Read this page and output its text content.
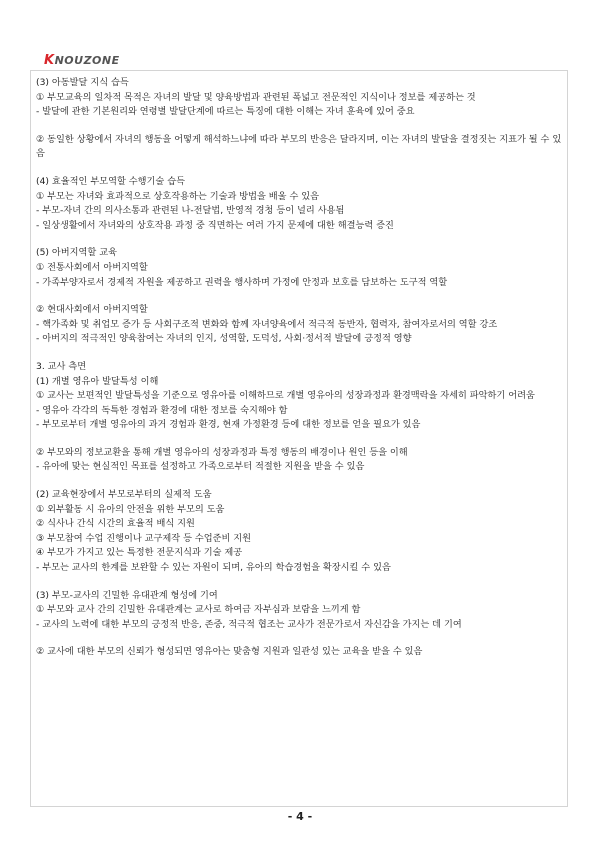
KNOUZONE

(3) 아동발달 지식 습득

① 부모교육의 일차적 목적은 자녀의 발달 및 양육방법과 관련된 폭넓고 전문적인 지식이나 정보를 제공하는 것

- 발달에 관한 기본원리와 연령별 발달단계에 따르는 특징에 대한 이해는 자녀 훈육에 있어 중요

② 동일한 상황에서 자녀의 행동을 어떻게 해석하느냐에 따라 부모의 반응은 달라지며, 이는 자녀의 발달을 결정짓는 지표가 될 수 있음

(4) 효율적인 부모역할 수행기술 습득

① 부모는 자녀와 효과적으로 상호작용하는 기술과 방법을 배울 수 있음

- 부모-자녀 간의 의사소통과 관련된 나-전달법, 반영적 경청 등이 널리 사용됨

- 일상생활에서 자녀와의 상호작용 과정 중 직면하는 여러 가지 문제에 대한 해결능력 증진

(5) 아버지역할 교육

① 전통사회에서 아버지역할

- 가족부양자로서 경제적 자원을 제공하고 권력을 행사하며 가정에 안정과 보호를 담보하는 도구적 역할

② 현대사회에서 아버지역할

- 핵가족화 및 취업모 증가 등 사회구조적 변화와 함께 자녀양육에서 적극적 동반자, 협력자, 참여자로서의 역할 강조

- 아버지의 적극적인 양육참여는 자녀의 인지, 성역할, 도덕성, 사회·정서적 발달에 긍정적 영향

3. 교사 측면

(1) 개별 영유아 발달특성 이해

① 교사는 보편적인 발달특성을 기준으로 영유아를 이해하므로 개별 영유아의 성장과정과 환경맥락을 자세히 파악하기 어려움

- 영유아 각각의 독특한 경험과 환경에 대한 정보를 숙지해야 함

- 부모로부터 개별 영유아의 과거 경험과 환경, 현재 가정환경 등에 대한 정보를 얻을 필요가 있음

② 부모와의 정보교환을 통해 개별 영유아의 성장과정과 특정 행동의 배경이나 원인 등을 이해

- 유아에 맞는 현실적인 목표를 설정하고 가족으로부터 적절한 지원을 받을 수 있음

(2) 교육현장에서 부모로부터의 실제적 도움

① 외부활동 시 유아의 안전을 위한 부모의 도움

② 식사나 간식 시간의 효율적 배식 지원

③ 부모참여 수업 진행이나 교구제작 등 수업준비 지원

④ 부모가 가지고 있는 특정한 전문지식과 기술 제공

- 부모는 교사의 한계를 보완할 수 있는 자원이 되며, 유아의 학습경험을 확장시킬 수 있음

(3) 부모-교사의 긴밀한 유대관계 형성에 기여

① 부모와 교사 간의 긴밀한 유대관계는 교사로 하여금 자부심과 보람을 느끼게 함

- 교사의 노력에 대한 부모의 긍정적 반응, 존중, 적극적 협조는 교사가 전문가로서 자신감을 가지는 데 기여

② 교사에 대한 부모의 신뢰가 형성되면 영유아는 맞춤형 지원과 일관성 있는 교육을 받을 수 있음

- 4 -
